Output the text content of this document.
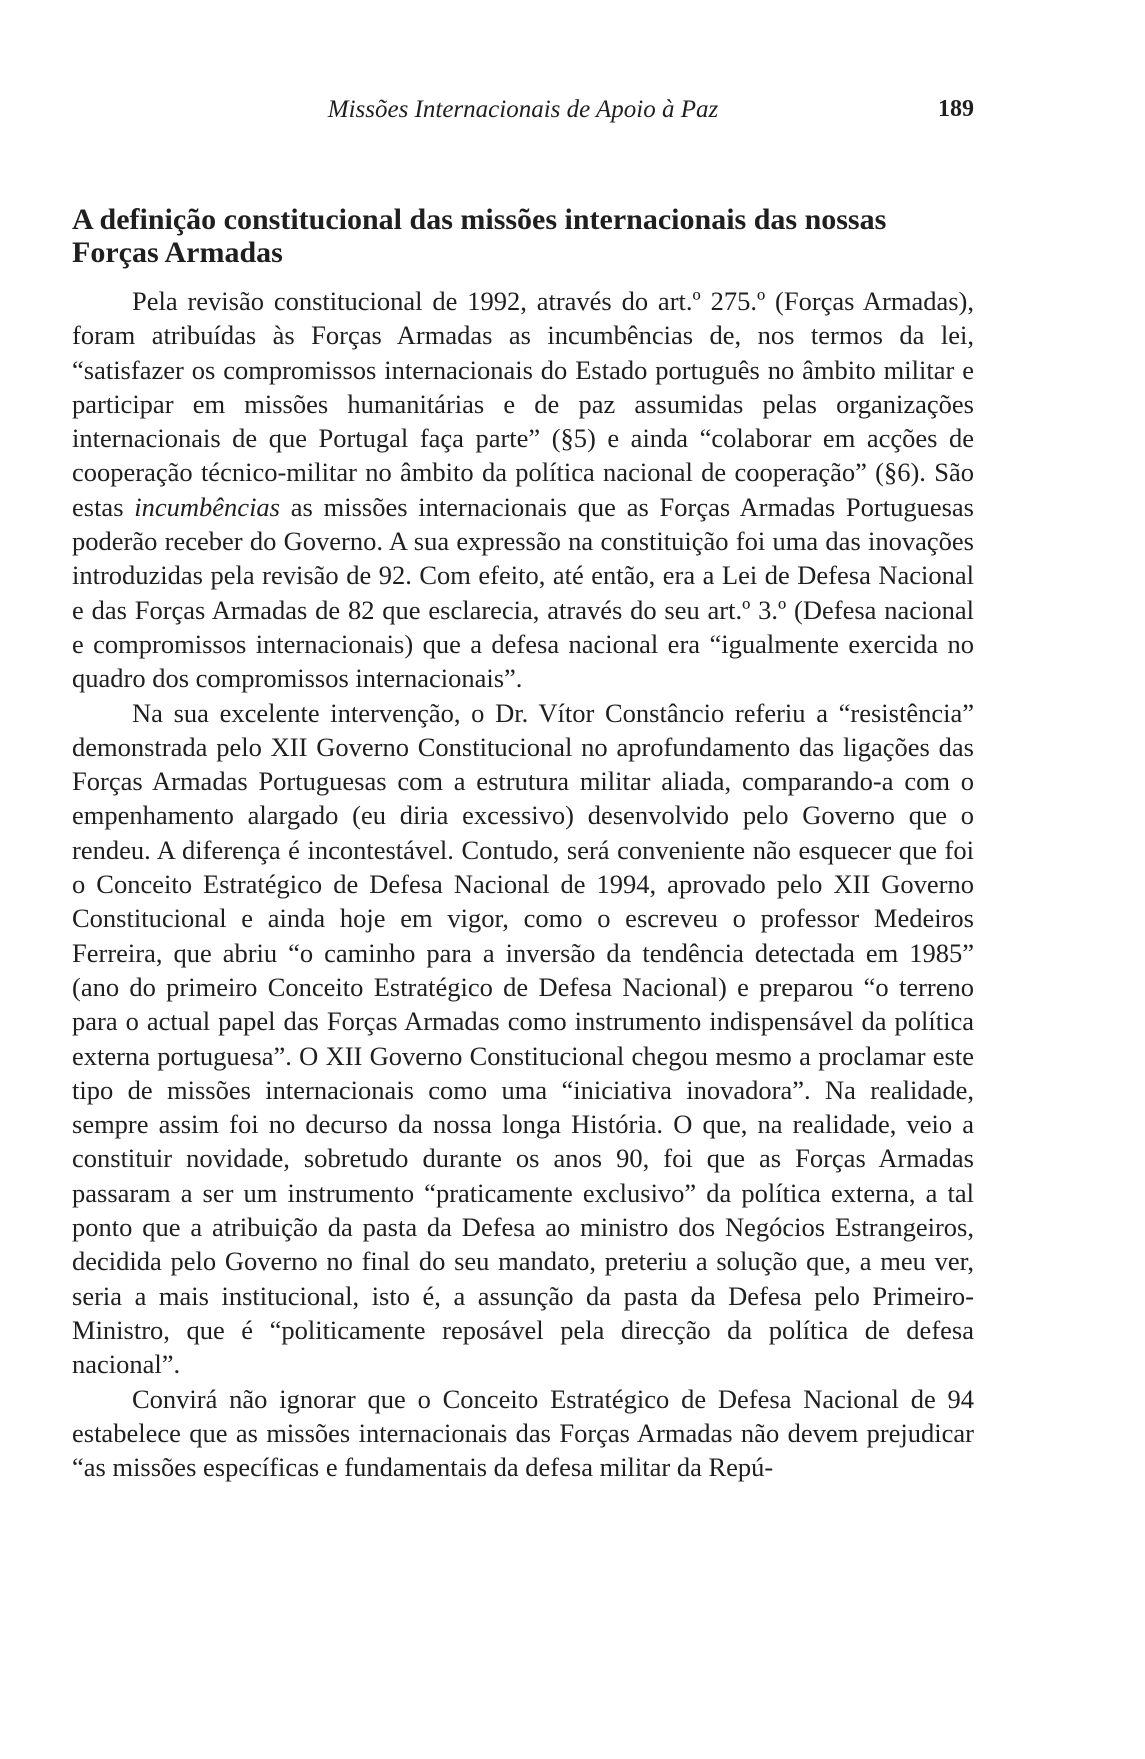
Missões Internacionais de Apoio à Paz	189
A definição constitucional das missões internacionais das nossas Forças Armadas

Pela revisão constitucional de 1992, através do art.º 275.º (Forças Armadas), foram atribuídas às Forças Armadas as incumbências de, nos termos da lei, “satisfazer os compromissos internacionais do Estado português no âmbito militar e participar em missões humanitárias e de paz assumidas pelas organizações internacionais de que Portugal faça parte” (§5) e ainda “colaborar em acções de cooperação técnico-militar no âmbito da política nacional de cooperação” (§6). São estas incumbências as missões internacionais que as Forças Armadas Portuguesas poderão receber do Governo. A sua expressão na constituição foi uma das inovações introduzidas pela revisão de 92. Com efeito, até então, era a Lei de Defesa Nacional e das Forças Armadas de 82 que esclarecia, através do seu art.º 3.º (Defesa nacional e compromissos internacionais) que a defesa nacional era “igualmente exercida no quadro dos compromissos internacionais”.

Na sua excelente intervenção, o Dr. Vítor Constâncio referiu a “resistência” demonstrada pelo XII Governo Constitucional no aprofundamento das ligações das Forças Armadas Portuguesas com a estrutura militar aliada, comparando-a com o empenhamento alargado (eu diria excessivo) desenvolvido pelo Governo que o rendeu. A diferença é incontestável. Contudo, será conveniente não esquecer que foi o Conceito Estratégico de Defesa Nacional de 1994, aprovado pelo XII Governo Constitucional e ainda hoje em vigor, como o escreveu o professor Medeiros Ferreira, que abriu “o caminho para a inversão da tendência detectada em 1985” (ano do primeiro Conceito Estratégico de Defesa Nacional) e preparou “o terreno para o actual papel das Forças Armadas como instrumento indispensável da política externa portuguesa”. O XII Governo Constitucional chegou mesmo a proclamar este tipo de missões internacionais como uma “iniciativa inovadora”. Na realidade, sempre assim foi no decurso da nossa longa História. O que, na realidade, veio a constituir novidade, sobretudo durante os anos 90, foi que as Forças Armadas passaram a ser um instrumento “praticamente exclusivo” da política externa, a tal ponto que a atribuição da pasta da Defesa ao ministro dos Negócios Estrangeiros, decidida pelo Governo no final do seu mandato, preteriu a solução que, a meu ver, seria a mais institucional, isto é, a assunção da pasta da Defesa pelo Primeiro-Ministro, que é “politicamente reposável pela direcção da política de defesa nacional”.

Convirá não ignorar que o Conceito Estratégico de Defesa Nacional de 94 estabelece que as missões internacionais das Forças Armadas não devem prejudicar “as missões específicas e fundamentais da defesa militar da Repú-
